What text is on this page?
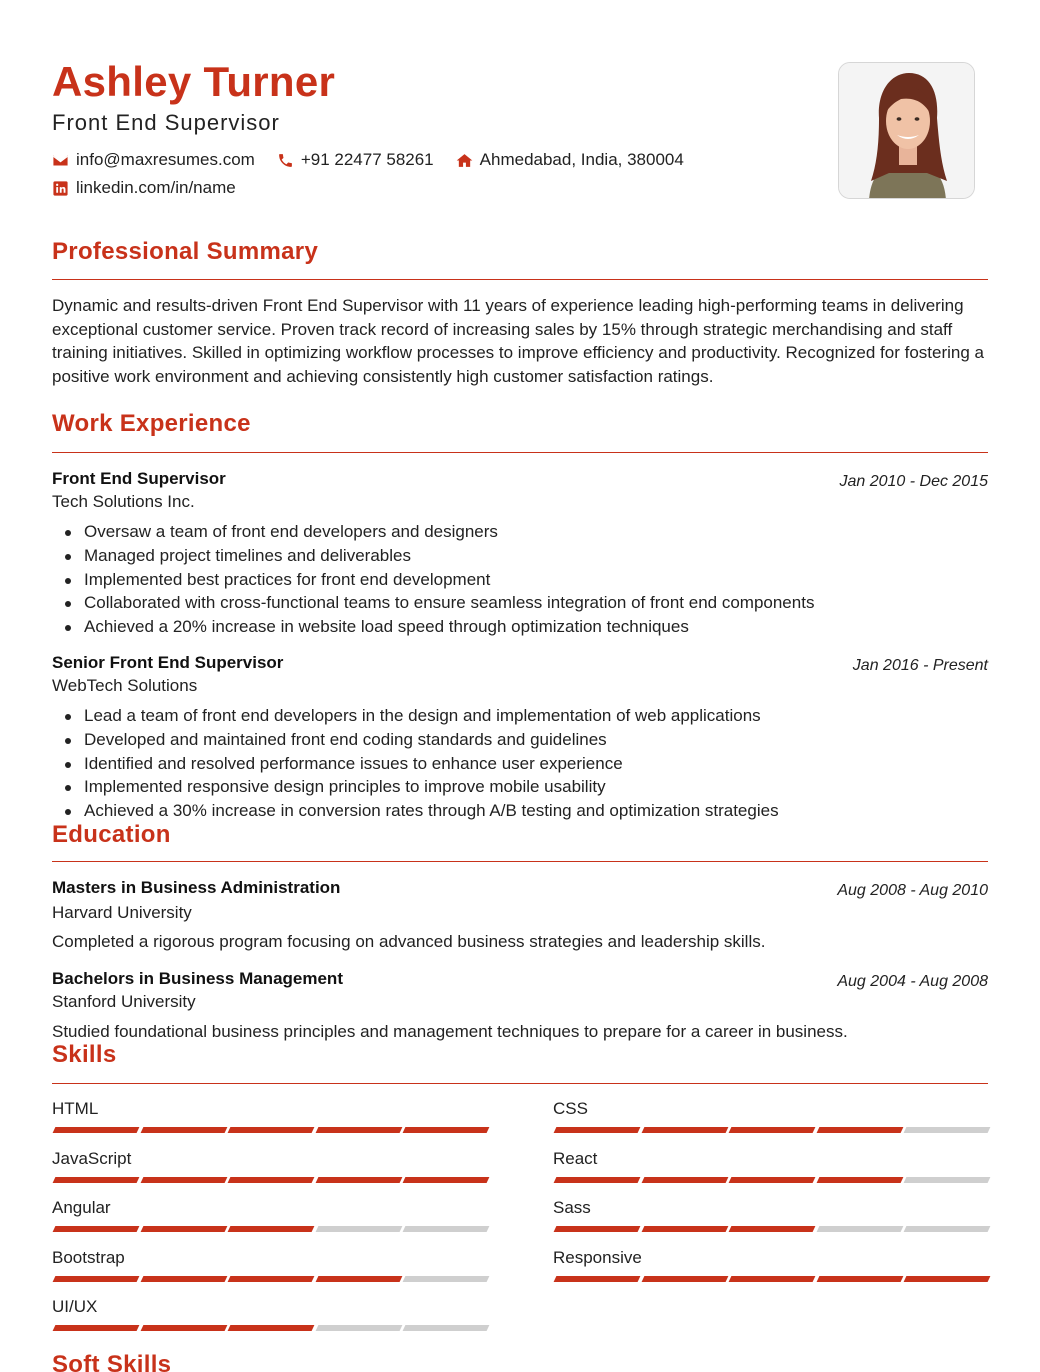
Ashley Turner
Front End Supervisor
info@maxresumes.com	+91 22477 58261	Ahmedabad, India, 380004
linkedin.com/in/name
Professional Summary
Dynamic and results-driven Front End Supervisor with 11 years of experience leading high-performing teams in delivering exceptional customer service. Proven track record of increasing sales by 15% through strategic merchandising and staff training initiatives. Skilled in optimizing workflow processes to improve efficiency and productivity. Recognized for fostering a positive work environment and achieving consistently high customer satisfaction ratings.
Work Experience
Front End Supervisor	Jan 2010 - Dec 2015
Tech Solutions Inc.
Oversaw a team of front end developers and designers
Managed project timelines and deliverables
Implemented best practices for front end development
Collaborated with cross-functional teams to ensure seamless integration of front end components
Achieved a 20% increase in website load speed through optimization techniques
Senior Front End Supervisor	Jan 2016 - Present
WebTech Solutions
Lead a team of front end developers in the design and implementation of web applications
Developed and maintained front end coding standards and guidelines
Identified and resolved performance issues to enhance user experience
Implemented responsive design principles to improve mobile usability
Achieved a 30% increase in conversion rates through A/B testing and optimization strategies
Education
Masters in Business Administration	Aug 2008 - Aug 2010
Harvard University
Completed a rigorous program focusing on advanced business strategies and leadership skills.
Bachelors in Business Management	Aug 2004 - Aug 2008
Stanford University
Studied foundational business principles and management techniques to prepare for a career in business.
Skills
HTML	CSS
JavaScript	React
Angular	Sass
Bootstrap	Responsive
UI/UX
Soft Skills
